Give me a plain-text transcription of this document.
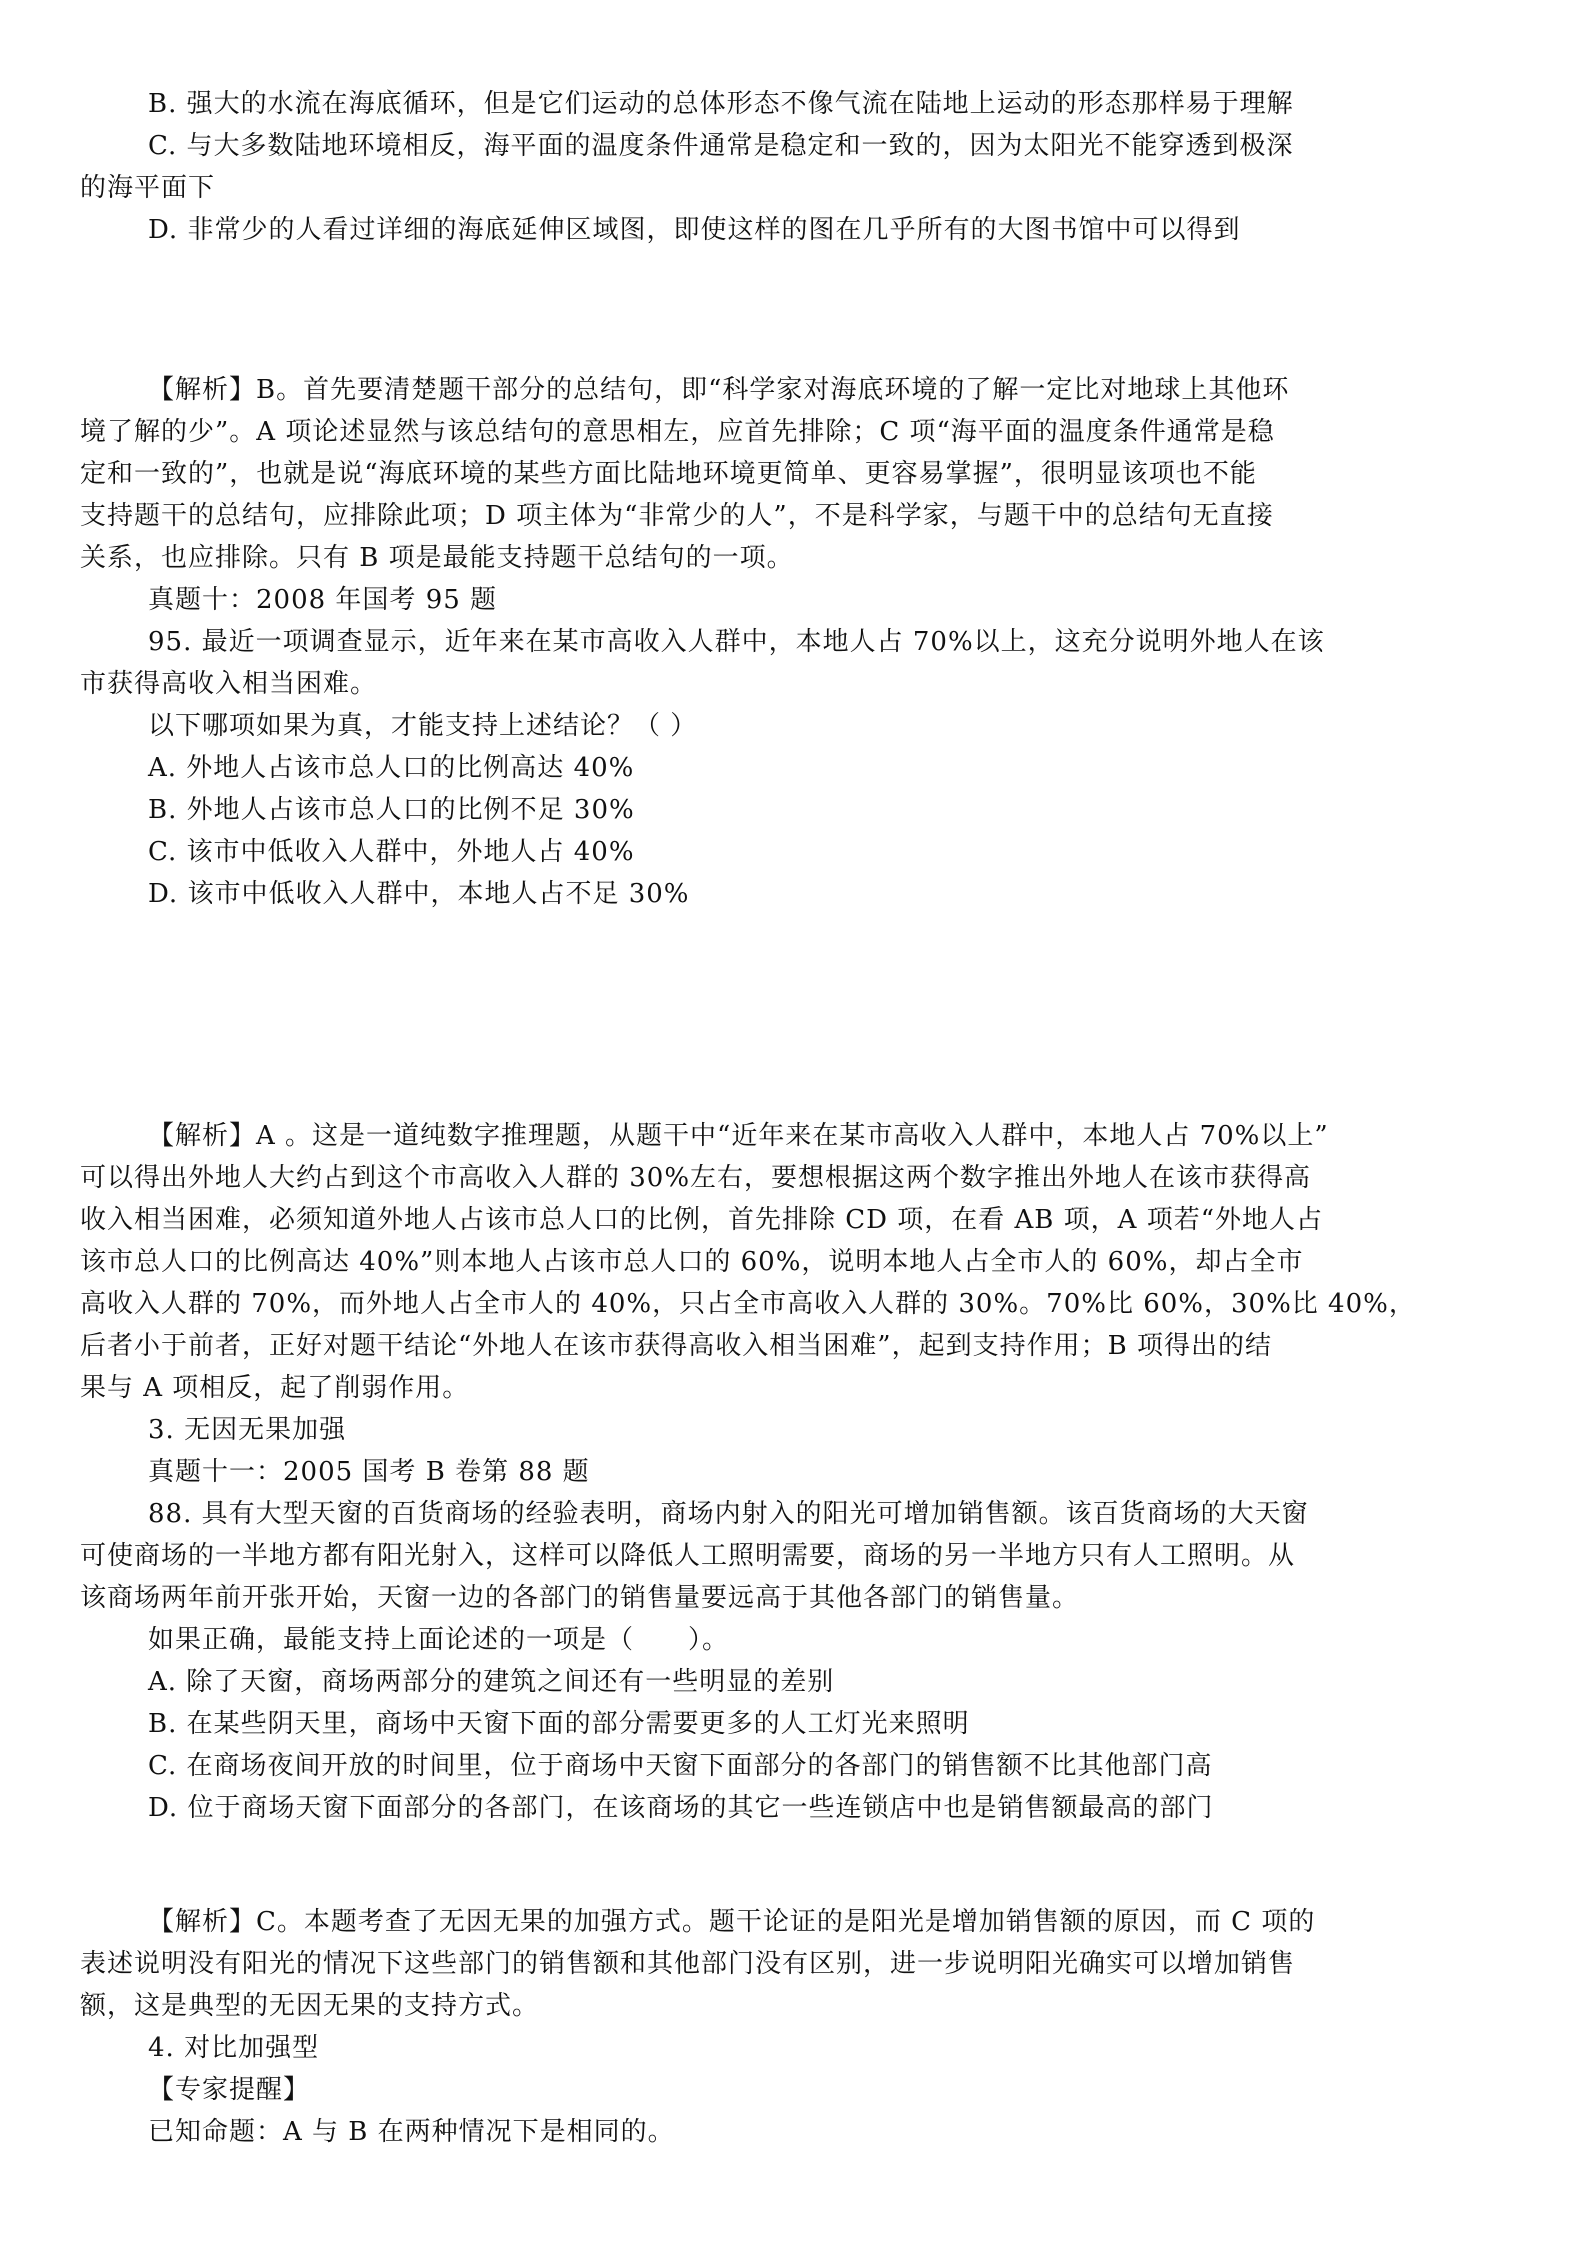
B. 强大的水流在海底循环，但是它们运动的总体形态不像气流在陆地上运动的形态那样易于理解
C. 与大多数陆地环境相反，海平面的温度条件通常是稳定和一致的，因为太阳光不能穿透到极深
的海平面下
D. 非常少的人看过详细的海底延伸区域图，即使这样的图在几乎所有的大图书馆中可以得到
【解析】B。首先要清楚题干部分的总结句，即“科学家对海底环境的了解一定比对地球上其他环
境了解的少”。A 项论述显然与该总结句的意思相左，应首先排除；C 项“海平面的温度条件通常是稳
定和一致的”，也就是说“海底环境的某些方面比陆地环境更简单、更容易掌握”，很明显该项也不能
支持题干的总结句，应排除此项；D 项主体为“非常少的人”，不是科学家，与题干中的总结句无直接
关系，也应排除。只有 B 项是最能支持题干总结句的一项。
真题十：2008 年国考 95 题
95. 最近一项调查显示，近年来在某市高收入人群中，本地人占 70%以上，这充分说明外地人在该
市获得高收入相当困难。
以下哪项如果为真，才能支持上述结论？（ ）
A. 外地人占该市总人口的比例高达 40%
B. 外地人占该市总人口的比例不足 30%
C. 该市中低收入人群中，外地人占 40%
D. 该市中低收入人群中，本地人占不足 30%
【解析】A 。这是一道纯数字推理题，从题干中“近年来在某市高收入人群中，本地人占 70%以上”
可以得出外地人大约占到这个市高收入人群的 30%左右，要想根据这两个数字推出外地人在该市获得高
收入相当困难，必须知道外地人占该市总人口的比例，首先排除 CD 项，在看 AB 项，A 项若“外地人占
该市总人口的比例高达 40%”则本地人占该市总人口的 60%，说明本地人占全市人的 60%，却占全市
高收入人群的 70%，而外地人占全市人的 40%，只占全市高收入人群的 30%。70%比 60%，30%比 40%，
后者小于前者，正好对题干结论“外地人在该市获得高收入相当困难”，起到支持作用；B 项得出的结
果与 A 项相反，起了削弱作用。
3. 无因无果加强
真题十一：2005 国考 B 卷第 88 题
88. 具有大型天窗的百货商场的经验表明，商场内射入的阳光可增加销售额。该百货商场的大天窗
可使商场的一半地方都有阳光射入，这样可以降低人工照明需要，商场的另一半地方只有人工照明。从
该商场两年前开张开始，天窗一边的各部门的销售量要远高于其他各部门的销售量。
如果正确，最能支持上面论述的一项是（　　）。
A. 除了天窗，商场两部分的建筑之间还有一些明显的差别
B. 在某些阴天里，商场中天窗下面的部分需要更多的人工灯光来照明
C. 在商场夜间开放的时间里，位于商场中天窗下面部分的各部门的销售额不比其他部门高
D. 位于商场天窗下面部分的各部门，在该商场的其它一些连锁店中也是销售额最高的部门
【解析】C。本题考查了无因无果的加强方式。题干论证的是阳光是增加销售额的原因，而 C 项的
表述说明没有阳光的情况下这些部门的销售额和其他部门没有区别，进一步说明阳光确实可以增加销售
额，这是典型的无因无果的支持方式。
4. 对比加强型
【专家提醒】
已知命题：A 与 B 在两种情况下是相同的。
